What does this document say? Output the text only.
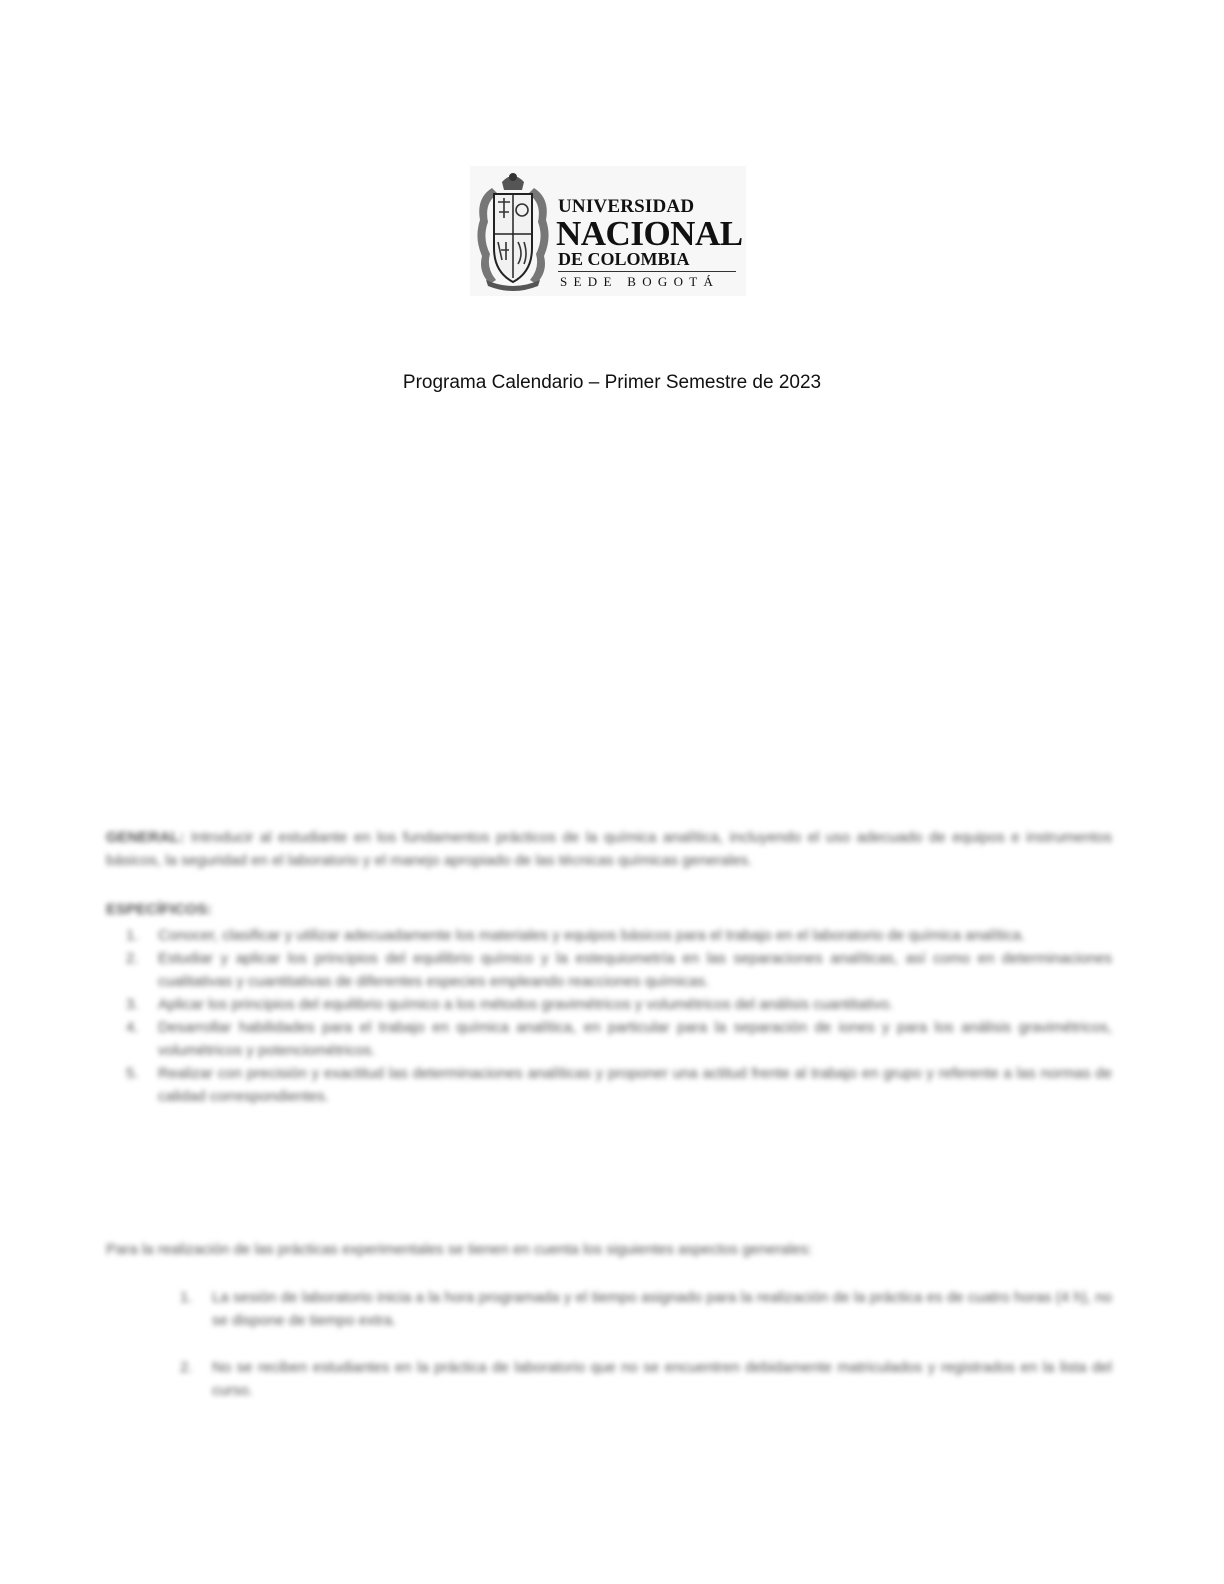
UNIVERSIDAD
NACIONAL
DE COLOMBIA
SEDE BOGOTÁ
Programa Calendario – Primer Semestre de 2023
GENERAL: Introducir al estudiante en los fundamentos prácticos de la química analítica, incluyendo el uso adecuado de equipos e instrumentos básicos, la seguridad en el laboratorio y el manejo apropiado de las técnicas químicas generales.
ESPECÍFICOS:
1. Conocer, clasificar y utilizar adecuadamente los materiales y equipos básicos para el trabajo en el laboratorio de química analítica.
2. Estudiar y aplicar los principios del equilibrio químico y la estequiometría en las separaciones analíticas, así como en determinaciones cualitativas y cuantitativas de diferentes especies empleando reacciones químicas.
3. Aplicar los principios del equilibrio químico a los métodos gravimétricos y volumétricos del análisis cuantitativo.
4. Desarrollar habilidades para el trabajo en química analítica, en particular para la separación de iones y para los análisis gravimétricos, volumétricos y potenciométricos.
5. Realizar con precisión y exactitud las determinaciones analíticas y proponer una actitud frente al trabajo en grupo y referente a las normas de calidad correspondientes.
Para la realización de las prácticas experimentales se tienen en cuenta los siguientes aspectos generales:
1. La sesión de laboratorio inicia a la hora programada y el tiempo asignado para la realización de la práctica es de cuatro horas (4 h), no se dispone de tiempo extra.
2. No se reciben estudiantes en la práctica de laboratorio que no se encuentren debidamente matriculados y registrados en la lista del curso.
